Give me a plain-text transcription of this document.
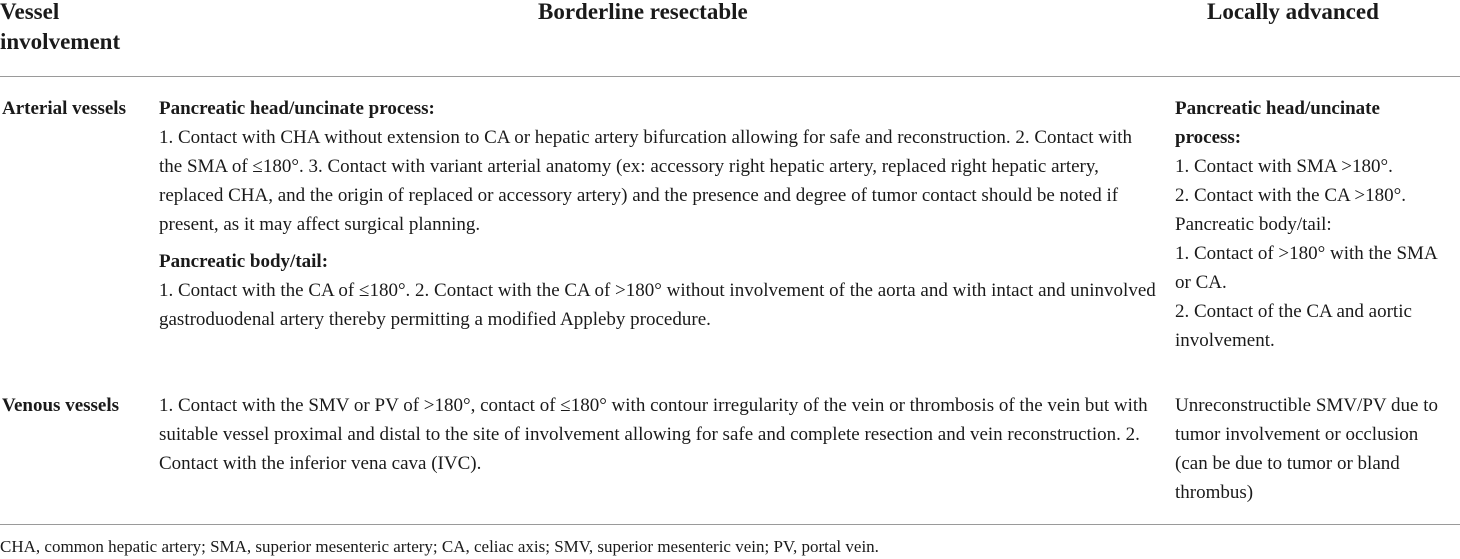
Vessel involvement
Borderline resectable	Locally advanced
Arterial vessels Pancreatic head/uncinate process:
1. Contact with CHA without extension to CA or hepatic artery bifurcation allowing for safe and reconstruction. 2. Contact with the SMA of ≤180°. 3. Contact with variant arterial anatomy (ex: accessory right hepatic artery, replaced right hepatic artery, replaced CHA, and the origin of replaced or accessory artery) and the presence and degree of tumor contact should be noted if present, as it may affect surgical planning.
Pancreatic body/tail:
1. Contact with the CA of ≤180°. 2. Contact with the CA of >180° without involvement of the aorta and with intact and uninvolved gastroduodenal artery thereby permitting a modified Appleby procedure.
Pancreatic head/uncinate process:
1. Contact with SMA >180°.
2. Contact with the CA >180°.
Pancreatic body/tail:
1. Contact of >180° with the SMA or CA.
2. Contact of the CA and aortic involvement.
Venous vessels 1. Contact with the SMV or PV of >180°, contact of ≤180° with contour irregularity of the vein or thrombosis of the vein but with suitable vessel proximal and distal to the site of involvement allowing for safe and complete resection and vein reconstruction. 2. Contact with the inferior vena cava (IVC).
Unreconstructible SMV/PV due to tumor involvement or occlusion (can be due to tumor or bland thrombus)
CHA, common hepatic artery; SMA, superior mesenteric artery; CA, celiac axis; SMV, superior mesenteric vein; PV, portal vein.
